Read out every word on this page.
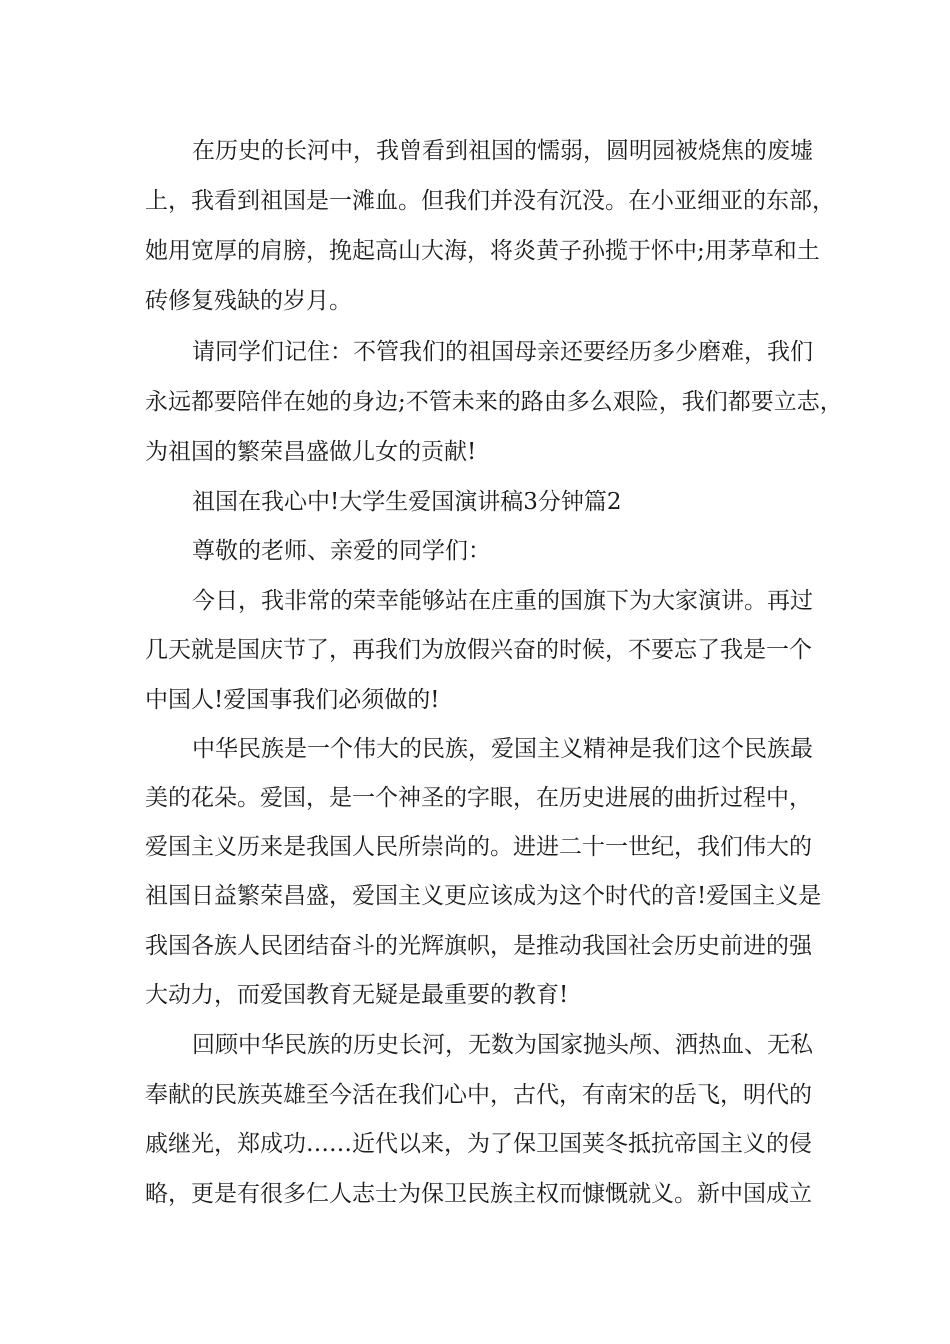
在历史的长河中，我曾看到祖国的懦弱，圆明园被烧焦的废墟
上，我看到祖国是一滩血。但我们并没有沉没。在小亚细亚的东部，
她用宽厚的肩膀，挽起高山大海，将炎黄子孙揽于怀中;用茅草和土
砖修复残缺的岁月。
请同学们记住：不管我们的祖国母亲还要经历多少磨难，我们
永远都要陪伴在她的身边;不管未来的路由多么艰险，我们都要立志，
为祖国的繁荣昌盛做儿女的贡献!
祖国在我心中!大学生爱国演讲稿3分钟篇2
尊敬的老师、亲爱的同学们：
今日，我非常的荣幸能够站在庄重的国旗下为大家演讲。再过
几天就是国庆节了，再我们为放假兴奋的时候，不要忘了我是一个
中国人!爱国事我们必须做的!
中华民族是一个伟大的民族，爱国主义精神是我们这个民族最
美的花朵。爱国，是一个神圣的字眼，在历史进展的曲折过程中，
爱国主义历来是我国人民所崇尚的。进进二十一世纪，我们伟大的
祖国日益繁荣昌盛，爱国主义更应该成为这个时代的音!爱国主义是
我国各族人民团结奋斗的光辉旗帜，是推动我国社会历史前进的强
大动力，而爱国教育无疑是最重要的教育!
回顾中华民族的历史长河，无数为国家抛头颅、洒热血、无私
奉献的民族英雄至今活在我们心中，古代，有南宋的岳飞，明代的
戚继光，郑成功……近代以来，为了保卫国荚冬抵抗帝国主义的侵
略，更是有很多仁人志士为保卫民族主权而慷慨就义。新中国成立
